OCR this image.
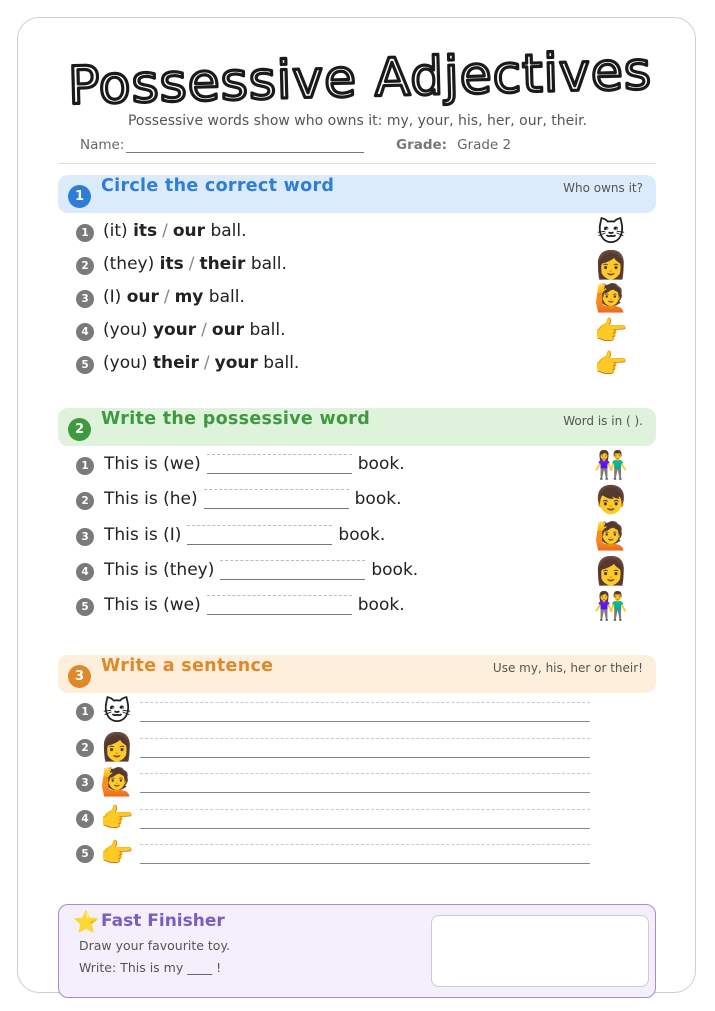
Possessive Adjectives
Possessive words show who owns it: my, your, his, her, our, their.
Name:	Grade: Grade 2
1
Circle the correct word	Who owns it?
1 (it) its / our ball.	🐱
2 (they) its / their ball.	👩
3 (I) our / my ball.	🙋
4 (you) your / our ball.	👉
5 (you) their / your ball.	👉
2
Write the possessive word	Word is in ( ).
1 This is (we)	book.	👫
2 This is (he)	book.	👦
3 This is (I)	book.	🙋
4 This is (they)	book.	👩
5 This is (we)	book.	👫
3
Write a sentence	Use my, his, her or their!
1 🐱
2 👩
3 🙋
4 👉
5 👉
⭐ Fast Finisher
Draw your favourite toy.
Write: This is my ____ !
